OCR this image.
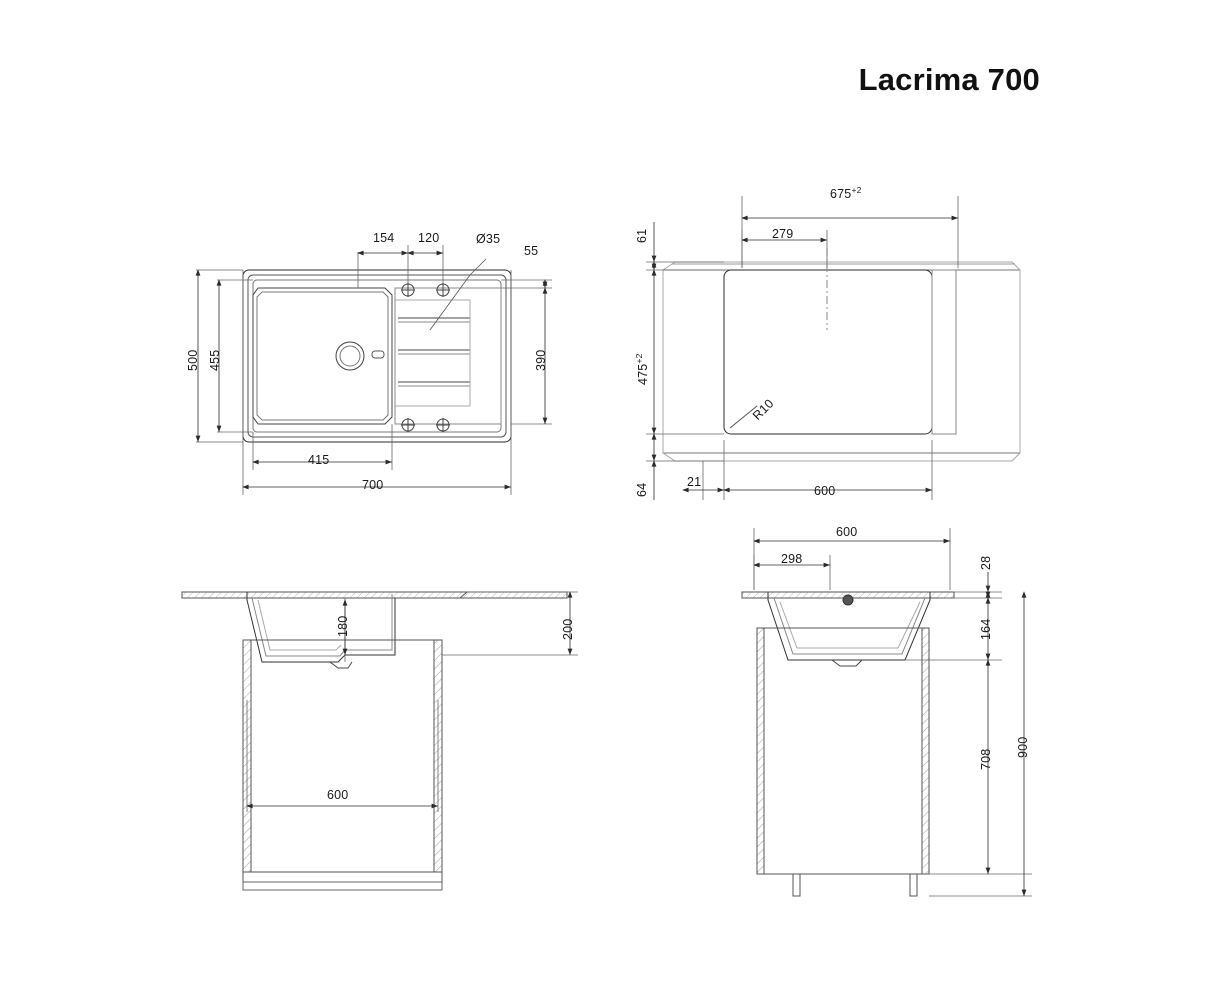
Lacrima 700
154 120	Ø35
55
500 455	390
415
700
$675^{+2}$
279
61
$475^{+2}$
64
21
600
R10
180	200
600
600
298	28
164
708
900
